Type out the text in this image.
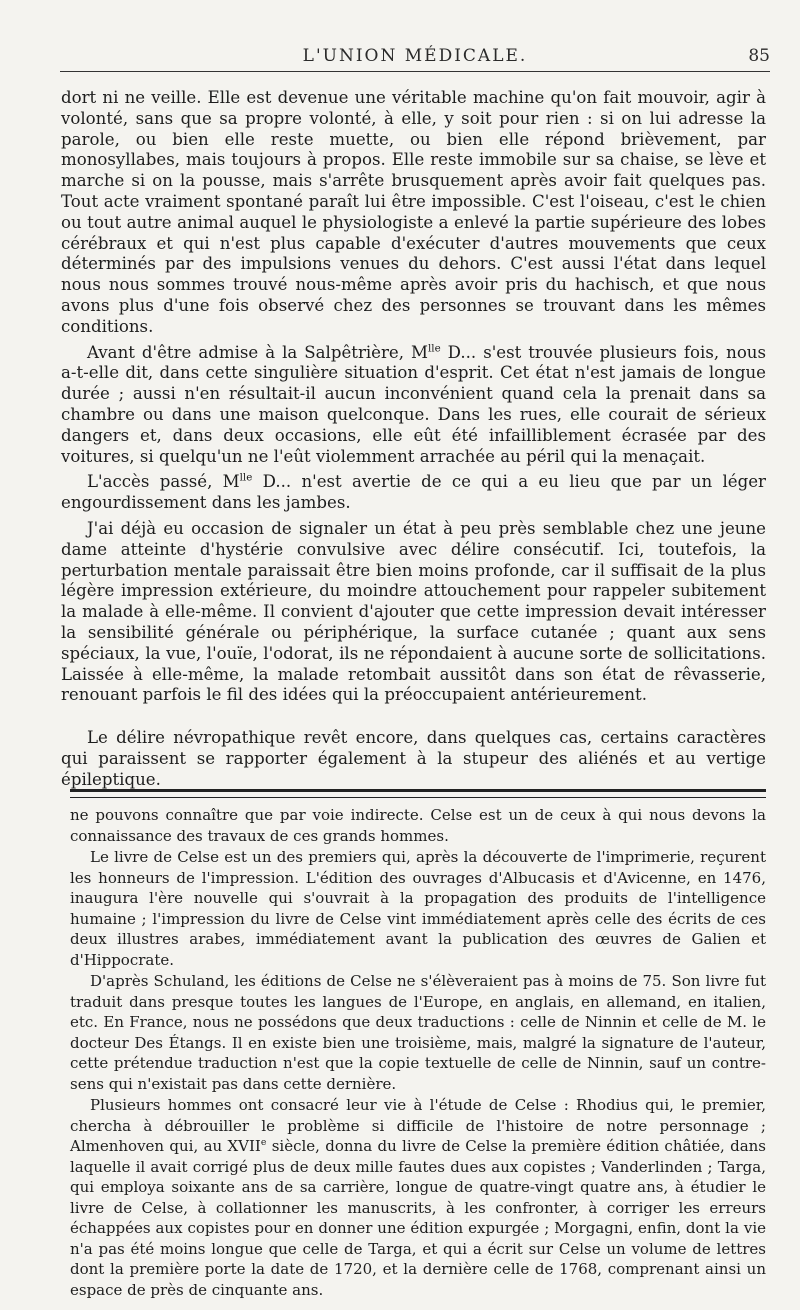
L'UNION MÉDICALE.	85

dort ni ne veille. Elle est devenue une véritable machine qu'on fait mouvoir, agir à volonté, sans que sa propre volonté, à elle, y soit pour rien : si on lui adresse la parole, ou bien elle reste muette, ou bien elle répond brièvement, par monosyllabes, mais toujours à propos. Elle reste immobile sur sa chaise, se lève et marche si on la pousse, mais s'arrête brusquement après avoir fait quelques pas. Tout acte vraiment spontané paraît lui être impossible. C'est l'oiseau, c'est le chien ou tout autre animal auquel le physiologiste a enlevé la partie supérieure des lobes cérébraux et qui n'est plus capable d'exécuter d'autres mouvements que ceux déterminés par des impulsions venues du dehors. C'est aussi l'état dans lequel nous nous sommes trouvé nous-même après avoir pris du hachisch, et que nous avons plus d'une fois observé chez des personnes se trouvant dans les mêmes conditions.

Avant d'être admise à la Salpêtrière, $M^{lle}$ D... s'est trouvée plusieurs fois, nous a-t-elle dit, dans cette singulière situation d'esprit. Cet état n'est jamais de longue durée ; aussi n'en résultait-il aucun inconvénient quand cela la prenait dans sa chambre ou dans une maison quelconque. Dans les rues, elle courait de sérieux dangers et, dans deux occasions, elle eût été infailliblement écrasée par des voitures, si quelqu'un ne l'eût violemment arrachée au péril qui la menaçait.

L'accès passé, $M^{lle}$ D... n'est avertie de ce qui a eu lieu que par un léger engourdissement dans les jambes.

J'ai déjà eu occasion de signaler un état à peu près semblable chez une jeune dame atteinte d'hystérie convulsive avec délire consécutif. Ici, toutefois, la perturbation mentale paraissait être bien moins profonde, car il suffisait de la plus légère impression extérieure, du moindre attouchement pour rappeler subitement la malade à elle-même. Il convient d'ajouter que cette impression devait intéresser la sensibilité générale ou périphérique, la surface cutanée ; quant aux sens spéciaux, la vue, l'ouïe, l'odorat, ils ne répondaient à aucune sorte de sollicitations. Laissée à elle-même, la malade retombait aussitôt dans son état de rêvasserie, renouant parfois le fil des idées qui la préoccupaient antérieurement.

Le délire névropathique revêt encore, dans quelques cas, certains caractères qui paraissent se rapporter également à la stupeur des aliénés et au vertige épileptique.

ne pouvons connaître que par voie indirecte. Celse est un de ceux à qui nous devons la connaissance des travaux de ces grands hommes.

Le livre de Celse est un des premiers qui, après la découverte de l'imprimerie, reçurent les honneurs de l'impression. L'édition des ouvrages d'Albucasis et d'Avicenne, en 1476, inaugura l'ère nouvelle qui s'ouvrait à la propagation des produits de l'intelligence humaine ; l'impression du livre de Celse vint immédiatement après celle des écrits de ces deux illustres arabes, immédiatement avant la publication des œuvres de Galien et d'Hippocrate.

D'après Schuland, les éditions de Celse ne s'élèveraient pas à moins de 75. Son livre fut traduit dans presque toutes les langues de l'Europe, en anglais, en allemand, en italien, etc. En France, nous ne possédons que deux traductions : celle de Ninnin et celle de M. le docteur Des Étangs. Il en existe bien une troisième, mais, malgré la signature de l'auteur, cette prétendue traduction n'est que la copie textuelle de celle de Ninnin, sauf un contre-sens qui n'existait pas dans cette dernière.

Plusieurs hommes ont consacré leur vie à l'étude de Celse : Rhodius qui, le premier, chercha à débrouiller le problème si difficile de l'histoire de notre personnage ; Almenhoven qui, au XVIIe siècle, donna du livre de Celse la première édition châtiée, dans laquelle il avait corrigé plus de deux mille fautes dues aux copistes ; Vanderlinden ; Targa, qui employa soixante ans de sa carrière, longue de quatre-vingt quatre ans, à étudier le livre de Celse, à collationner les manuscrits, à les confronter, à corriger les erreurs échappées aux copistes pour en donner une édition expurgée ; Morgagni, enfin, dont la vie n'a pas été moins longue que celle de Targa, et qui a écrit sur Celse un volume de lettres dont la première porte la date de 1720, et la dernière celle de 1768, comprenant ainsi un espace de près de cinquante ans.
